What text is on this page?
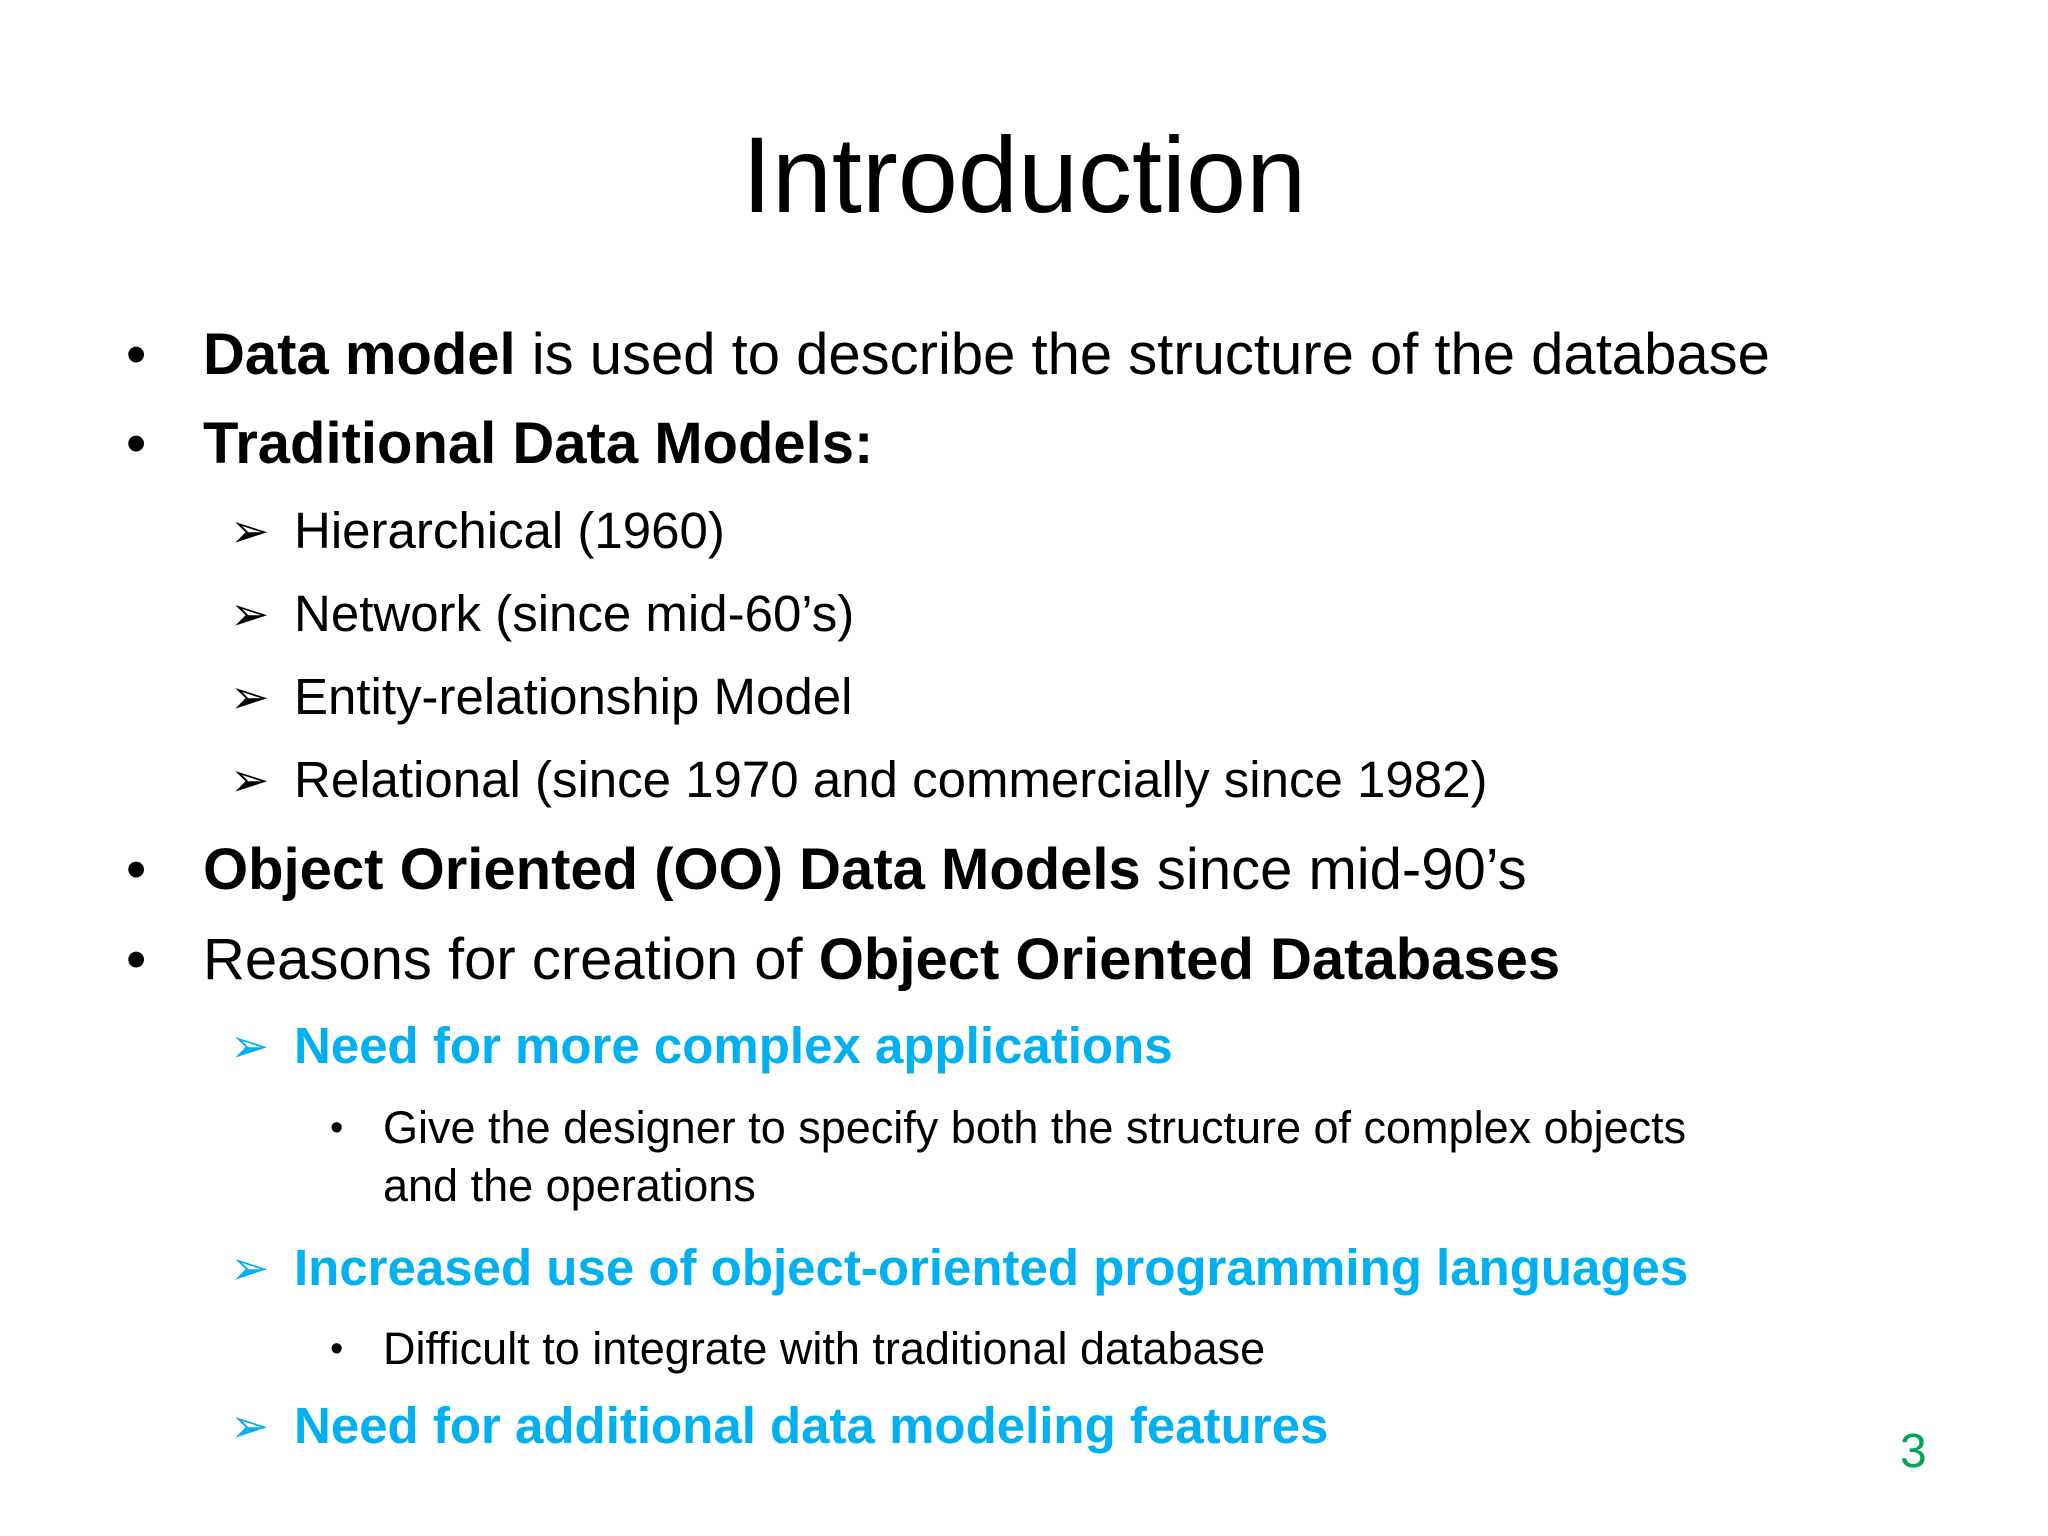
Introduction
• Data model is used to describe the structure of the database
• Traditional Data Models:
➢ Hierarchical (1960)
➢ Network (since mid-60’s)
➢ Entity-relationship Model
➢ Relational (since 1970 and commercially since 1982)
• Object Oriented (OO) Data Models since mid-90’s
• Reasons for creation of Object Oriented Databases
➢ Need for more complex applications
• Give the designer to specify both the structure of complex objects
and the operations
➢ Increased use of object-oriented programming languages
• Difficult to integrate with traditional database
➢ Need for additional data modeling features	3
